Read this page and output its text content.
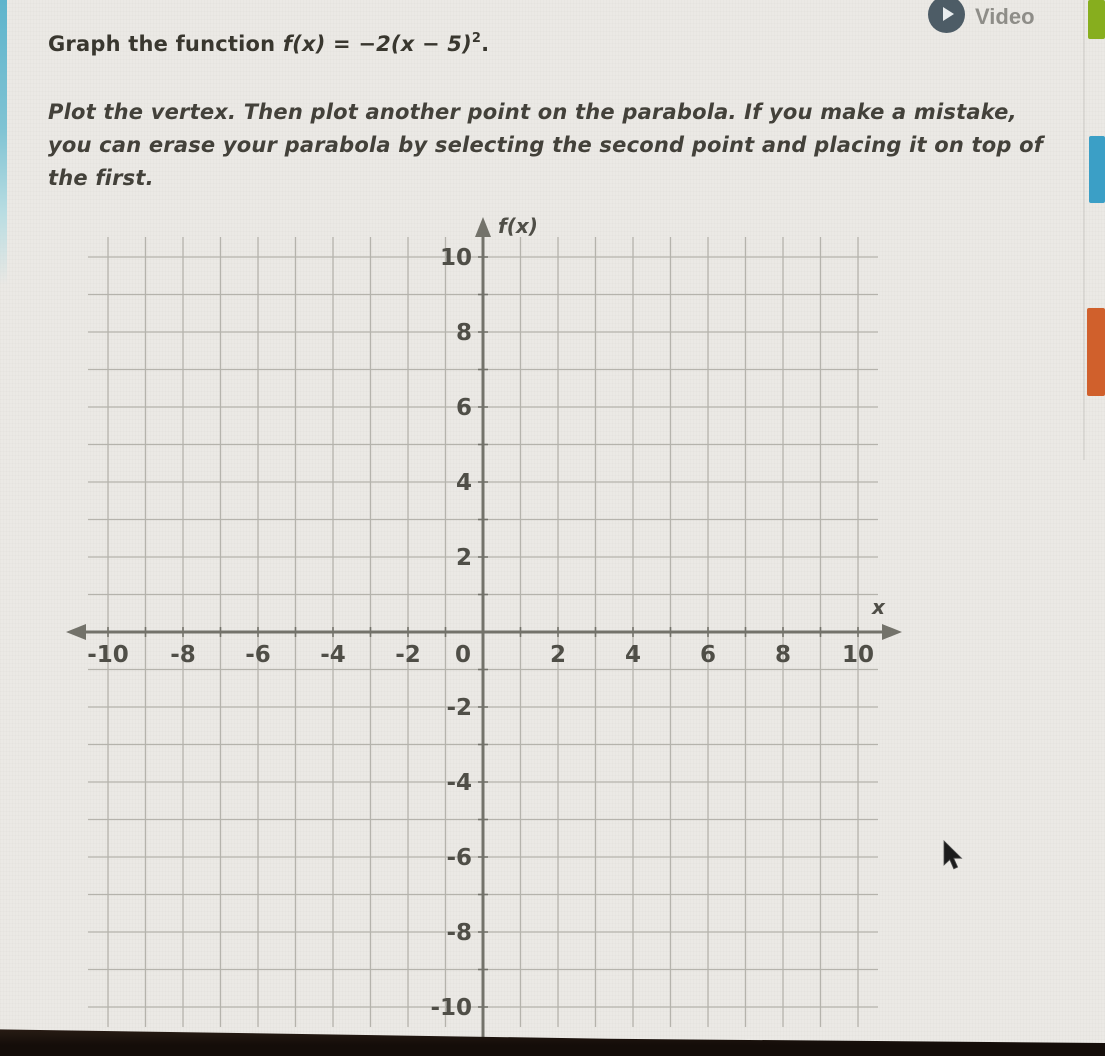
Video
Graph the function $f(x) = -2(x - 5)^2$.
Plot the vertex. Then plot another point on the parabola. If you make a mistake,
you can erase your parabola by selecting the second point and placing it on top of
the first.
-10 -8 -6 -4 -2 0	2	4	6	8 10
10
8
6
4
2
-2
-4
-6
-8
-10
f(x)
x
